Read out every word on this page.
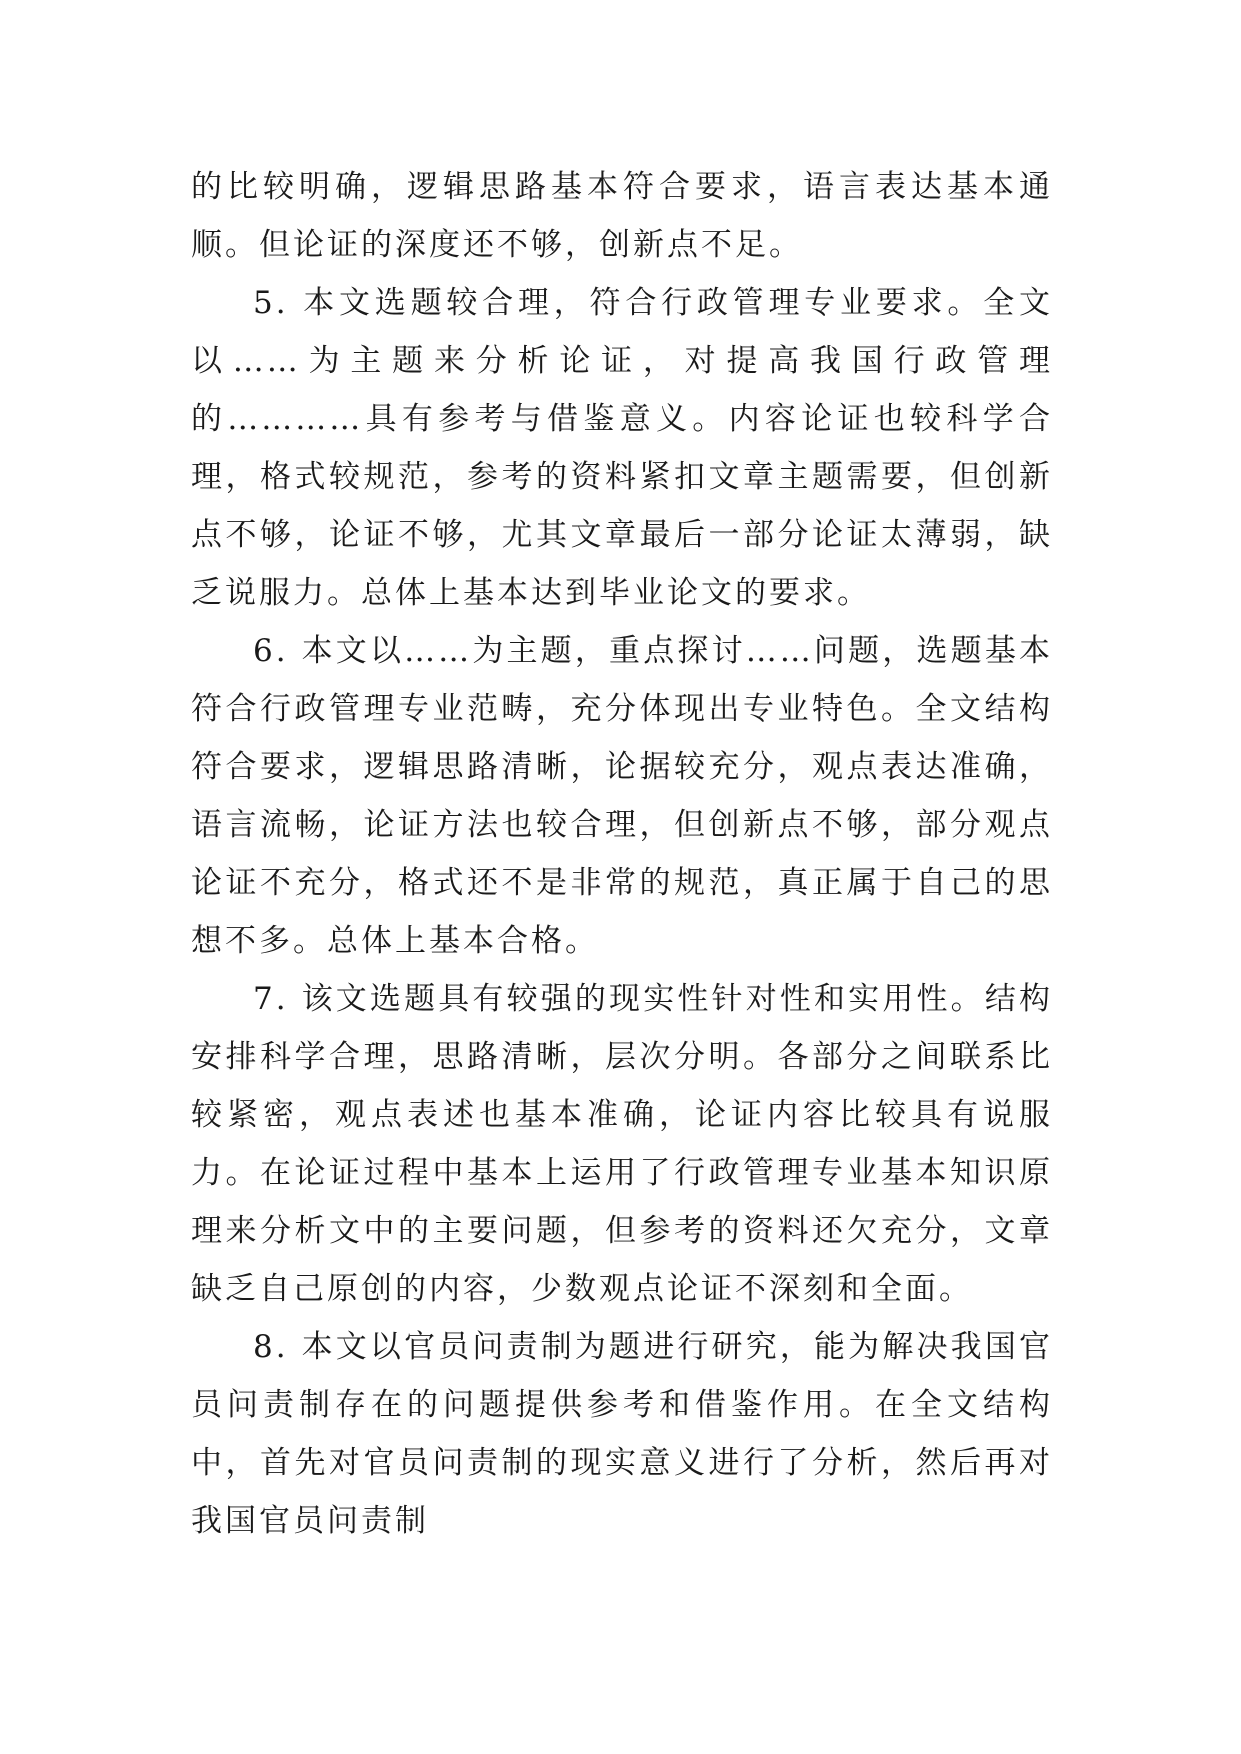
的比较明确，逻辑思路基本符合要求，语言表达基本通顺。但论证的深度还不够，创新点不足。

5. 本文选题较合理，符合行政管理专业要求。全文以……为主题来分析论证，对提高我国行政管理的…………具有参考与借鉴意义。内容论证也较科学合理，格式较规范，参考的资料紧扣文章主题需要，但创新点不够，论证不够，尤其文章最后一部分论证太薄弱，缺乏说服力。总体上基本达到毕业论文的要求。

6. 本文以……为主题，重点探讨……问题，选题基本符合行政管理专业范畴，充分体现出专业特色。全文结构符合要求，逻辑思路清晰，论据较充分，观点表达准确，语言流畅，论证方法也较合理，但创新点不够，部分观点论证不充分，格式还不是非常的规范，真正属于自己的思想不多。总体上基本合格。

7. 该文选题具有较强的现实性针对性和实用性。结构安排科学合理，思路清晰，层次分明。各部分之间联系比较紧密，观点表述也基本准确，论证内容比较具有说服力。在论证过程中基本上运用了行政管理专业基本知识原理来分析文中的主要问题，但参考的资料还欠充分，文章缺乏自己原创的内容，少数观点论证不深刻和全面。

8. 本文以官员问责制为题进行研究，能为解决我国官员问责制存在的问题提供参考和借鉴作用。在全文结构中，首先对官员问责制的现实意义进行了分析，然后再对我国官员问责制
